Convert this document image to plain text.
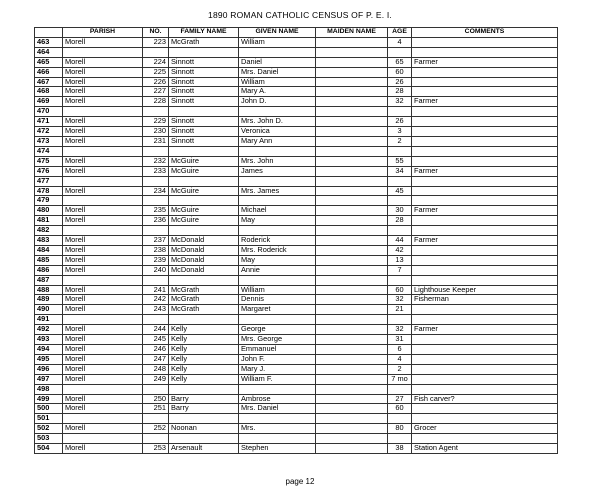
1890 ROMAN CATHOLIC CENSUS OF P. E. I.
	PARISH	NO.	FAMILY NAME	GIVEN NAME	MAIDEN NAME	AGE	COMMENTS
463	Morell	223	McGrath	William		4	
464							
465	Morell	224	Sinnott	Daniel		65	Farmer
466	Morell	225	Sinnott	Mrs. Daniel		60	
467	Morell	226	Sinnott	William		26	
468	Morell	227	Sinnott	Mary A.		28	
469	Morell	228	Sinnott	John D.		32	Farmer
470							
471	Morell	229	Sinnott	Mrs. John D.		26	
472	Morell	230	Sinnott	Veronica		3	
473	Morell	231	Sinnott	Mary Ann		2	
474							
475	Morell	232	McGuire	Mrs. John		55	
476	Morell	233	McGuire	James		34	Farmer
477							
478	Morell	234	McGuire	Mrs. James		45	
479							
480	Morell	235	McGuire	Michael		30	Farmer
481	Morell	236	McGuire	May		28	
482							
483	Morell	237	McDonald	Roderick		44	Farmer
484	Morell	238	McDonald	Mrs. Roderick		42	
485	Morell	239	McDonald	May		13	
486	Morell	240	McDonald	Annie		7	
487							
488	Morell	241	McGrath	William		60	Lighthouse Keeper
489	Morell	242	McGrath	Dennis		32	Fisherman
490	Morell	243	McGrath	Margaret		21	
491							
492	Morell	244	Kelly	George		32	Farmer
493	Morell	245	Kelly	Mrs. George		31	
494	Morell	246	Kelly	Emmanuel		6	
495	Morell	247	Kelly	John F.		4	
496	Morell	248	Kelly	Mary J.		2	
497	Morell	249	Kelly	William F.		7 mo	
498							
499	Morell	250	Barry	Ambrose		27	Fish carver?
500	Morell	251	Barry	Mrs. Daniel		60	
501							
502	Morell	252	Noonan	Mrs.		80	Grocer
503							
504	Morell	253	Arsenault	Stephen		38	Station Agent
page 12
